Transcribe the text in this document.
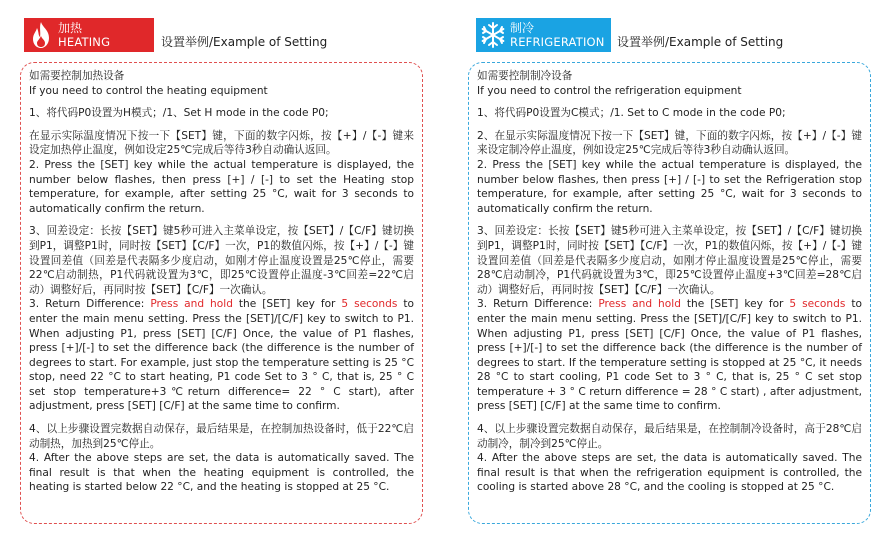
加热
HEATING	设置举例/Example of Setting
制冷
REFRIGERATION 设置举例/Example of Setting

如需要控制加热设备

If you need to control the heating equipment

1、将代码P0设置为H模式；/1、Set H mode in the code P0;

在显示实际温度情况下按一下【SET】键，下面的数字闪烁，按【+】/【-】键来设定加热停止温度，例如设定25℃完成后等待3秒自动确认返回。

2. Press the [SET] key while the actual temperature is displayed, the number below flashes, then press [+] / [-] to set the Heating stop temperature, for example, after setting 25 °C, wait for 3 seconds to automatically confirm the return.

3、回差设定：长按【SET】键5秒可进入主菜单设定，按【SET】/【C/F】键切换到P1，调整P1时，同时按【SET】【C/F】一次，P1的数值闪烁，按【+】/【-】键设置回差值（回差是代表隔多少度启动，如刚才停止温度设置是25℃停止，需要22℃启动制热，P1代码就设置为3℃，即25℃设置停止温度-3℃回差=22℃启动）调整好后，再同时按【SET】【C/F】一次确认。

3. Return Difference: Press and hold the [SET] key for 5 seconds to enter the main menu setting. Press the [SET]/[C/F] key to switch to P1. When adjusting P1, press [SET] [C/F] Once, the value of P1 flashes, press [+]/[-] to set the difference back (the difference is the number of degrees to start. For example, just stop the temperature setting is 25 °C stop, need 22 °C to start heating, P1 code Set to 3 ° C, that is, 25 ° C set stop temperature+3℃return difference= 22 ° C start), after adjustment, press [SET] [C/F] at the same time to confirm.

4、以上步骤设置完数据自动保存，最后结果是，在控制加热设备时，低于22℃启动制热，加热到25℃停止。

4. After the above steps are set, the data is automatically saved. The final result is that when the heating equipment is controlled, the heating is started below 22 °C, and the heating is stopped at 25 °C.

如需要控制制冷设备

If you need to control the refrigeration equipment

1、将代码P0设置为C模式；/1. Set to C mode in the code P0;

2、在显示实际温度情况下按一下【SET】键，下面的数字闪烁，按【+】/【-】键来设定制冷停止温度，例如设定25℃完成后等待3秒自动确认返回。

2. Press the [SET] key while the actual temperature is displayed, the number below flashes, then press [+] / [-] to set the Refrigeration stop temperature, for example, after setting 25 °C, wait for 3 seconds to automatically confirm the return.

3、回差设定：长按【SET】键5秒可进入主菜单设定，按【SET】/【C/F】键切换到P1，调整P1时，同时按【SET】【C/F】一次，P1的数值闪烁，按【+】/【-】键设置回差值（回差是代表隔多少度启动，如刚才停止温度设置是25℃停止，需要28℃启动制冷，P1代码就设置为3℃，即25℃设置停止温度+3℃回差=28℃启动）调整好后，再同时按【SET】【C/F】一次确认。

3. Return Difference: Press and hold the [SET] key for 5 seconds to enter the main menu setting. Press the [SET]/[C/F] key to switch to P1. When adjusting P1, press [SET] [C/F] Once, the value of P1 flashes, press [+]/[-] to set the difference back (the difference is the number of degrees to start. If the temperature setting is stopped at 25 °C, it needs 28 °C to start cooling, P1 code Set to 3 ° C, that is, 25 ° C set stop temperature + 3 ° C return difference = 28 ° C start) , after adjustment, press [SET] [C/F] at the same time to confirm.

4、以上步骤设置完数据自动保存，最后结果是，在控制制冷设备时，高于28℃启动制冷，制冷到25℃停止。

4. After the above steps are set, the data is automatically saved. The final result is that when the refrigeration equipment is controlled, the cooling is started above 28 °C, and the cooling is stopped at 25 °C.
